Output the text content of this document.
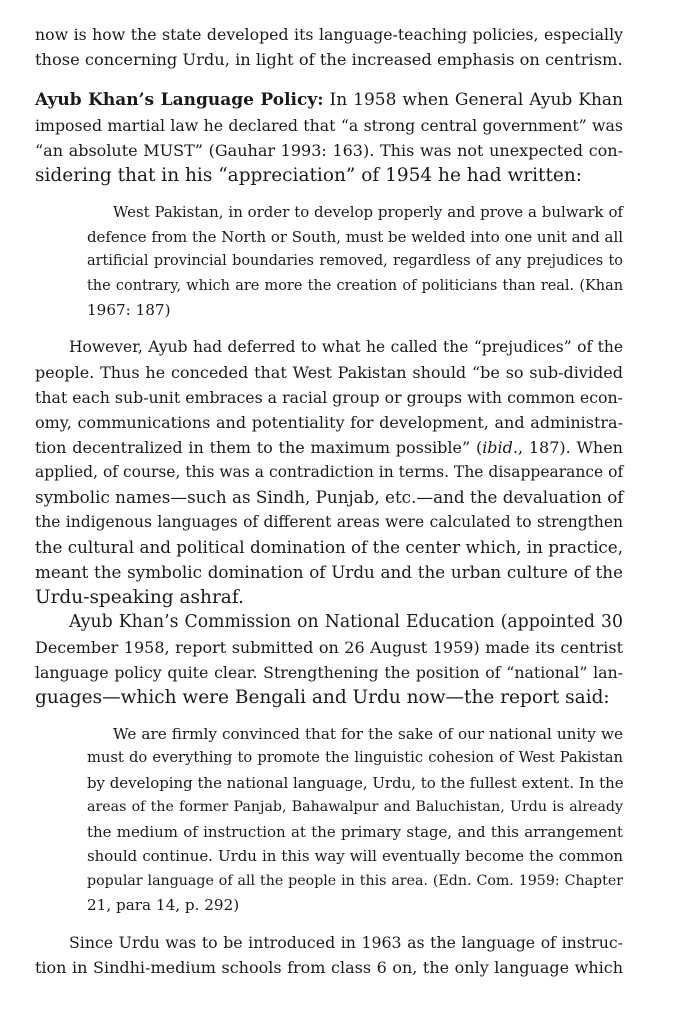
now is how the state developed its language-teaching policies, especially
those concerning Urdu, in light of the increased emphasis on centrism.
Ayub Khan’s Language Policy: In 1958 when General Ayub Khan
imposed martial law he declared that “a strong central government” was
“an absolute MUST” (Gauhar 1993: 163). This was not unexpected con-
sidering that in his “appreciation” of 1954 he had written:
West Pakistan, in order to develop properly and prove a bulwark of
defence from the North or South, must be welded into one unit and all
artificial provincial boundaries removed, regardless of any prejudices to
the contrary, which are more the creation of politicians than real. (Khan
1967: 187)
However, Ayub had deferred to what he called the “prejudices” of the
people. Thus he conceded that West Pakistan should “be so sub-divided
that each sub-unit embraces a racial group or groups with common econ-
omy, communications and potentiality for development, and administra-
tion decentralized in them to the maximum possible” (ibid., 187). When
applied, of course, this was a contradiction in terms. The disappearance of
symbolic names—such as Sindh, Punjab, etc.—and the devaluation of
the indigenous languages of different areas were calculated to strengthen
the cultural and political domination of the center which, in practice,
meant the symbolic domination of Urdu and the urban culture of the
Urdu-speaking ashraf.
Ayub Khan’s Commission on National Education (appointed 30
December 1958, report submitted on 26 August 1959) made its centrist
language policy quite clear. Strengthening the position of “national” lan-
guages—which were Bengali and Urdu now—the report said:
We are firmly convinced that for the sake of our national unity we
must do everything to promote the linguistic cohesion of West Pakistan
by developing the national language, Urdu, to the fullest extent. In the
areas of the former Panjab, Bahawalpur and Baluchistan, Urdu is already
the medium of instruction at the primary stage, and this arrangement
should continue. Urdu in this way will eventually become the common
popular language of all the people in this area. (Edn. Com. 1959: Chapter
21, para 14, p. 292)
Since Urdu was to be introduced in 1963 as the language of instruc-
tion in Sindhi-medium schools from class 6 on, the only language which
